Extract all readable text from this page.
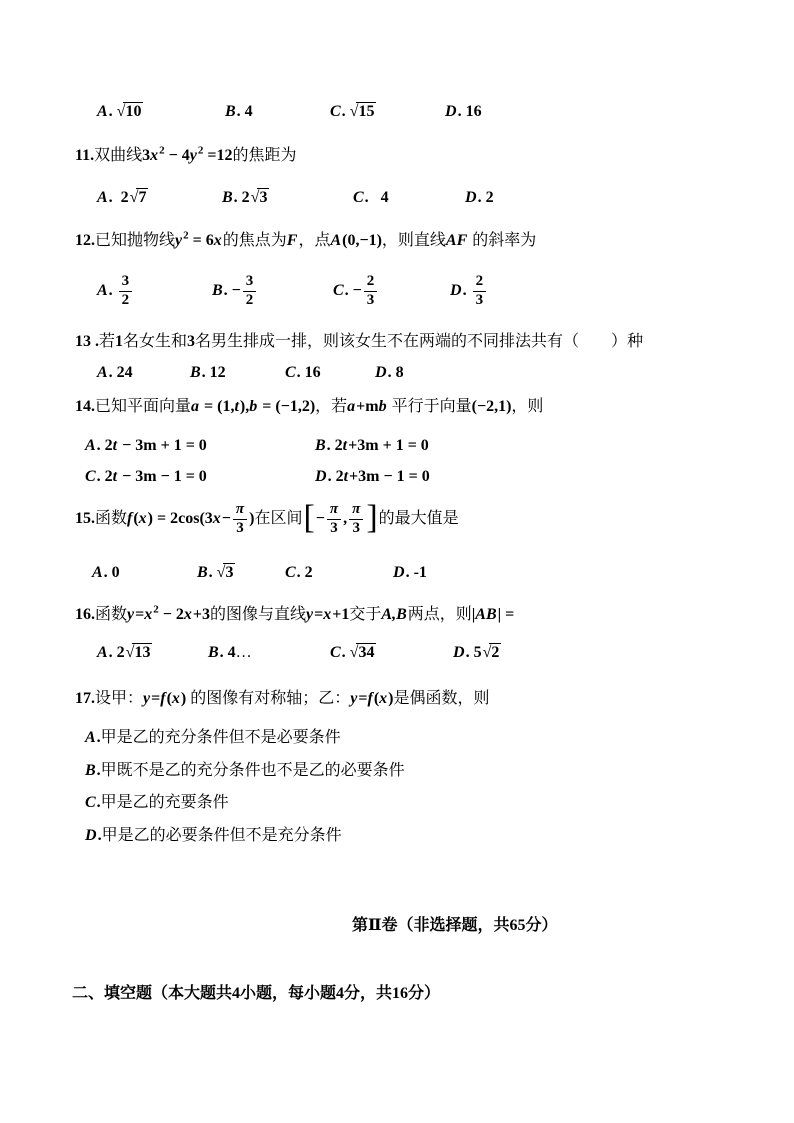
A. √10	B. 4	C. √15	D. 16
11.双曲线$3x^2 - 4y^2 =12$的焦距为
A.  2√7	B. 2√3	C.   4	D. 2
12.已知抛物线$y^2 = 6x$的焦点为F，点A(0,−1)，则直线AF 的斜率为
A. $\frac{3}{2}$	B. − $\frac{3}{2}$	C. − $\frac{2}{3}$	D. $\frac{2}{3}$
13 .若1名女生和3名男生排成一排，则该女生不在两端的不同排法共有（　　）种
A. 24	B. 12	C. 16	D. 8
14.已知平面向量a = (1,t),b = (−1,2)，若a+mb 平行于向量(−2,1)，则
A. 2t − 3m + 1 = 0	B. 2t+3m + 1 = 0
C. 2t − 3m − 1 = 0	D. 2t+3m − 1 = 0
15.函数$f(x) = 2\cos(3x- \frac{\pi}{3}$ )在区间[− $\frac{\pi}{3}$ , $\frac{\pi}{3}$ ]的最大值是
A. 0	B. √3	C. 2	D. -1
16.函数$y=x^2 - 2x+3$的图像与直线y=x+1交于A,B两点，则|AB| =
A. 2√13	B. 4…	C. √34	D. 5√2
17.设甲：y=f(x) 的图像有对称轴；乙：y=f(x)是偶函数，则
A.甲是乙的充分条件但不是必要条件
B.甲既不是乙的充分条件也不是乙的必要条件
C.甲是乙的充要条件
D.甲是乙的必要条件但不是充分条件
第Ⅱ卷（非选择题，共65分）
二、填空题（本大题共4小题，每小题4分，共16分）
